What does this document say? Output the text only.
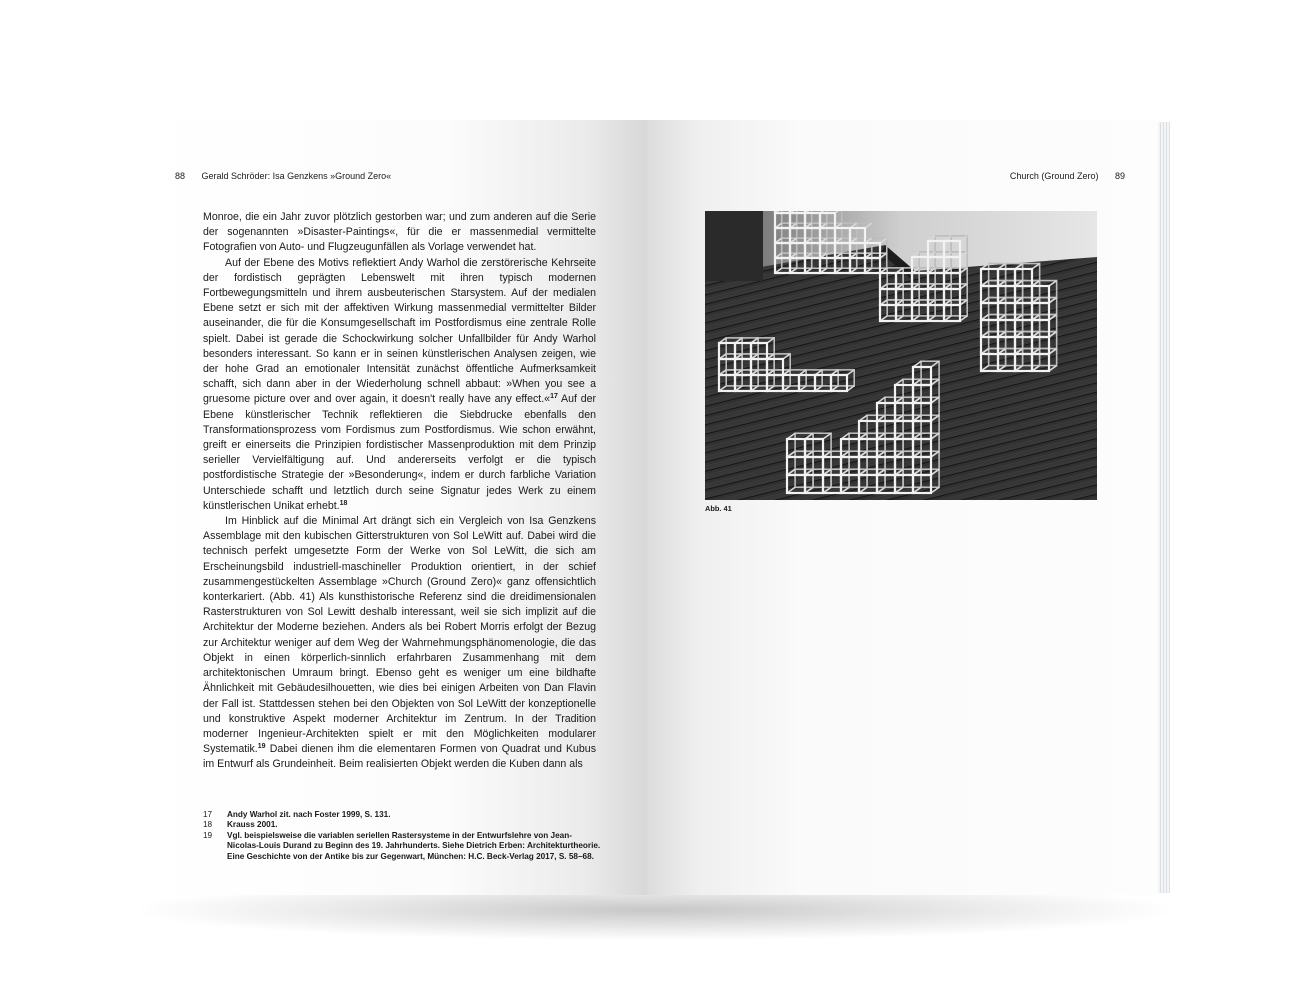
88 Gerald Schröder: Isa Genzkens »Ground Zero«

Monroe, die ein Jahr zuvor plötzlich gestorben war; und zum anderen auf die Serie der sogenannten »Disaster-Paintings«, für die er massenmedial vermittelte Fotografien von Auto- und Flugzeugunfällen als Vorlage verwendet hat.

Auf der Ebene des Motivs reflektiert Andy Warhol die zerstörerische Kehrseite der fordistisch geprägten Lebenswelt mit ihren typisch modernen Fortbewegungsmitteln und ihrem ausbeuterischen Starsystem. Auf der medialen Ebene setzt er sich mit der affektiven Wirkung massenmedial vermittelter Bilder auseinander, die für die Konsumgesellschaft im Postfordismus eine zentrale Rolle spielt. Dabei ist gerade die Schockwirkung solcher Unfallbilder für Andy Warhol besonders interessant. So kann er in seinen künstlerischen Analysen zeigen, wie der hohe Grad an emotionaler Intensität zunächst öffentliche Aufmerksamkeit schafft, sich dann aber in der Wiederholung schnell abbaut: »When you see a gruesome picture over and over again, it doesn't really have any effect.«$^{17}$ Auf der Ebene künstlerischer Technik reflektieren die Siebdrucke ebenfalls den Transformationsprozess vom Fordismus zum Postfordismus. Wie schon erwähnt, greift er einerseits die Prinzipien fordistischer Massenproduktion mit dem Prinzip serieller Vervielfältigung auf. Und andererseits verfolgt er die typisch postfordistische Strategie der »Besonderung«, indem er durch farbliche Variation Unterschiede schafft und letztlich durch seine Signatur jedes Werk zu einem künstlerischen Unikat erhebt.$^{18}$

Im Hinblick auf die Minimal Art drängt sich ein Vergleich von Isa Genzkens Assemblage mit den kubischen Gitterstrukturen von Sol LeWitt auf. Dabei wird die technisch perfekt umgesetzte Form der Werke von Sol LeWitt, die sich am Erscheinungsbild industriell-maschineller Produktion orientiert, in der schief zusammengestückelten Assemblage »Church (Ground Zero)« ganz offensichtlich konterkariert. (Abb. 41) Als kunsthistorische Referenz sind die dreidimensionalen Rasterstrukturen von Sol Lewitt deshalb interessant, weil sie sich implizit auf die Architektur der Moderne beziehen. Anders als bei Robert Morris erfolgt der Bezug zur Architektur weniger auf dem Weg der Wahrnehmungsphänomenologie, die das Objekt in einen körperlich-sinnlich erfahrbaren Zusammenhang mit dem architektonischen Umraum bringt. Ebenso geht es weniger um eine bildhafte Ähnlichkeit mit Gebäudesilhouetten, wie dies bei einigen Arbeiten von Dan Flavin der Fall ist. Stattdessen stehen bei den Objekten von Sol LeWitt der konzeptionelle und konstruktive Aspekt moderner Architektur im Zentrum. In der Tradition moderner Ingenieur-Architekten spielt er mit den Möglichkeiten modularer Systematik.$^{19}$ Dabei dienen ihm die elementaren Formen von Quadrat und Kubus im Entwurf als Grundeinheit. Beim realisierten Objekt werden die Kuben dann als

17	Andy Warhol zit. nach Foster 1999, S. 131.
18	Krauss 2001.
19	Vgl. beispielsweise die variablen seriellen Rastersysteme in der Entwurfslehre von Jean-Nicolas-Louis Durand zu Beginn des 19. Jahrhunderts. Siehe Dietrich Erben: Architekturtheorie. Eine Geschichte von der Antike bis zur Gegenwart, München: H.C. Beck-Verlag 2017, S. 58–68.
Church (Ground Zero) 89
Abb. 41
